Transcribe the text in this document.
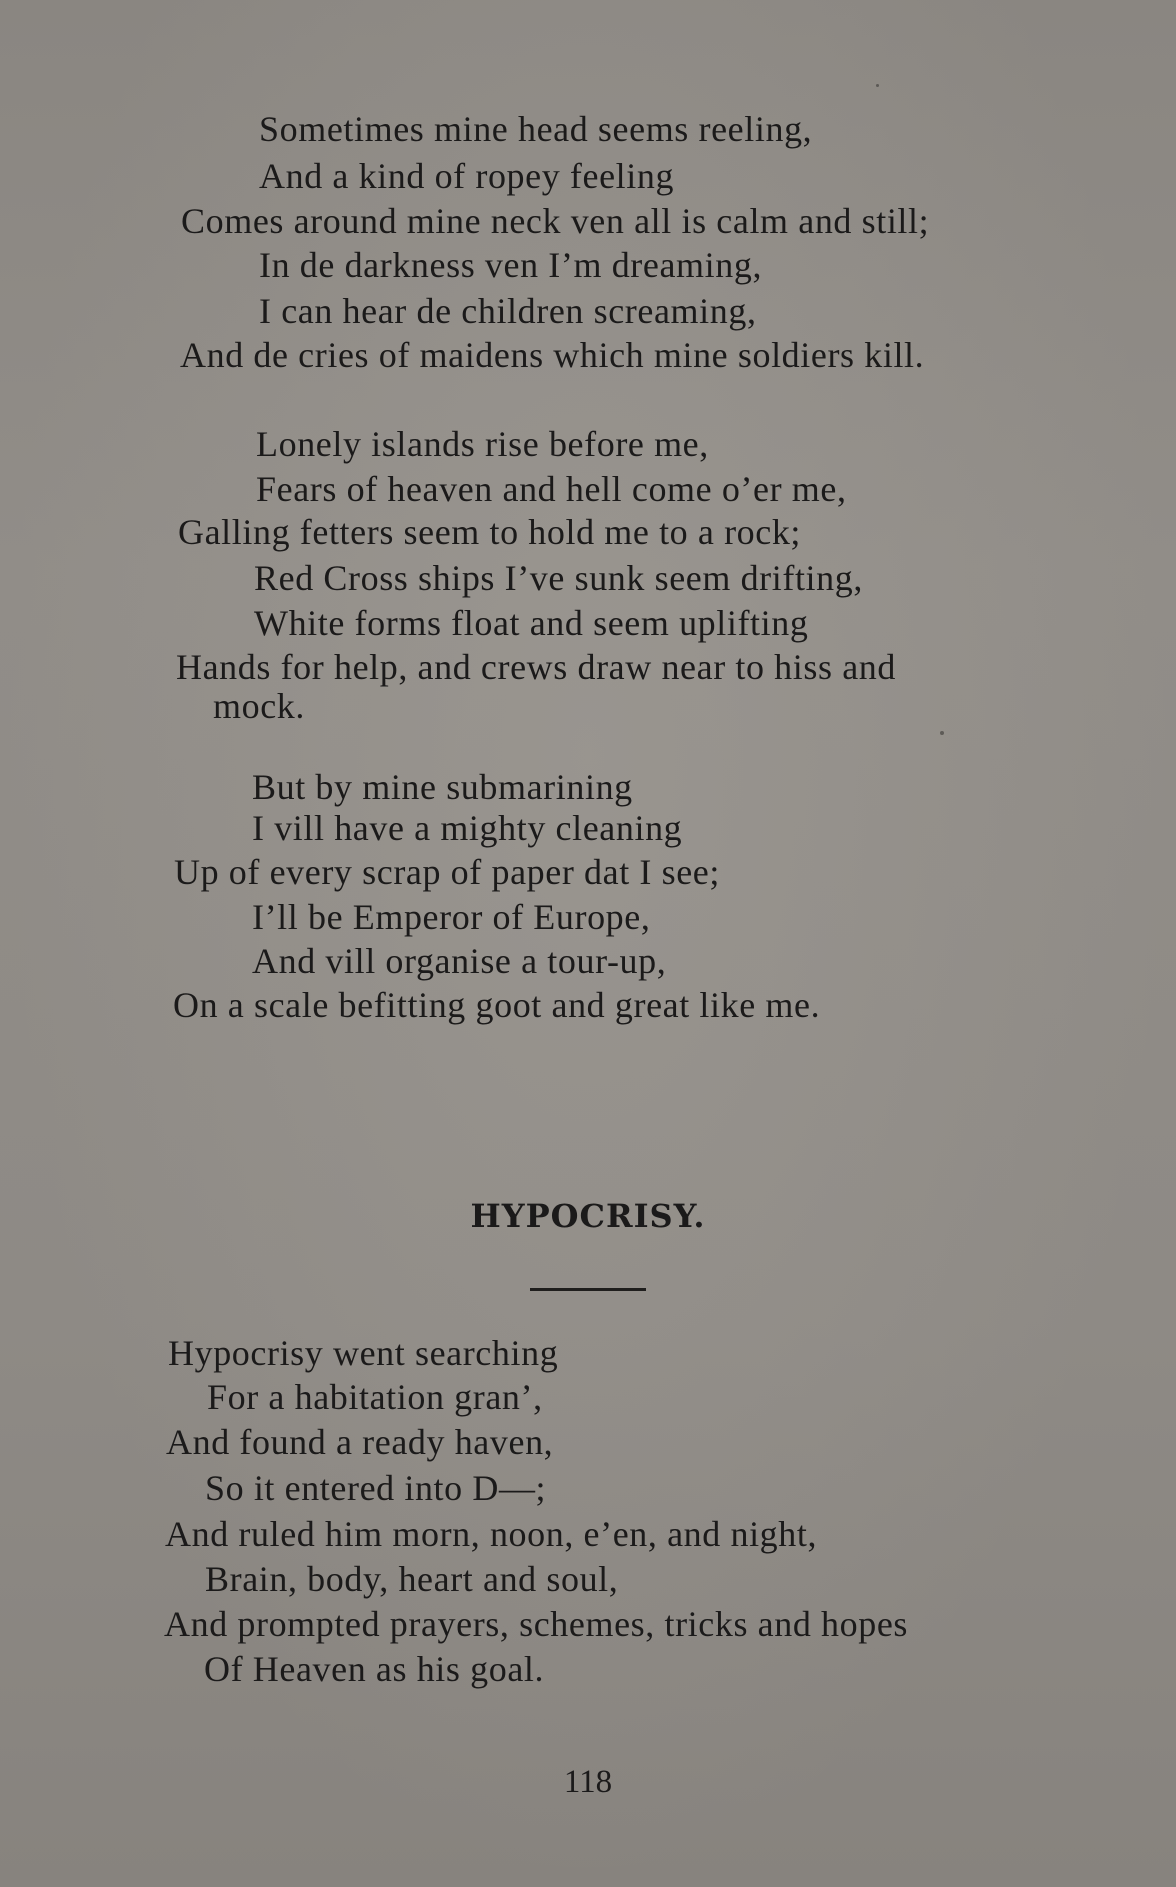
Sometimes mine head seems reeling,
And a kind of ropey feeling
Comes around mine neck ven all is calm and still;
In de darkness ven I’m dreaming,
I can hear de children screaming,
And de cries of maidens which mine soldiers kill.
Lonely islands rise before me,
Fears of heaven and hell come o’er me,
Galling fetters seem to hold me to a rock;
Red Cross ships I’ve sunk seem drifting,
White forms float and seem uplifting
Hands for help, and crews draw near to hiss and
mock.
But by mine submarining
I vill have a mighty cleaning
Up of every scrap of paper dat I see;
I’ll be Emperor of Europe,
And vill organise a tour-up,
On a scale befitting goot and great like me.
HYPOCRISY.
Hypocrisy went searching
For a habitation gran’,
And found a ready haven,
So it entered into D—;
And ruled him morn, noon, e’en, and night,
Brain, body, heart and soul,
And prompted prayers, schemes, tricks and hopes
Of Heaven as his goal.
118
